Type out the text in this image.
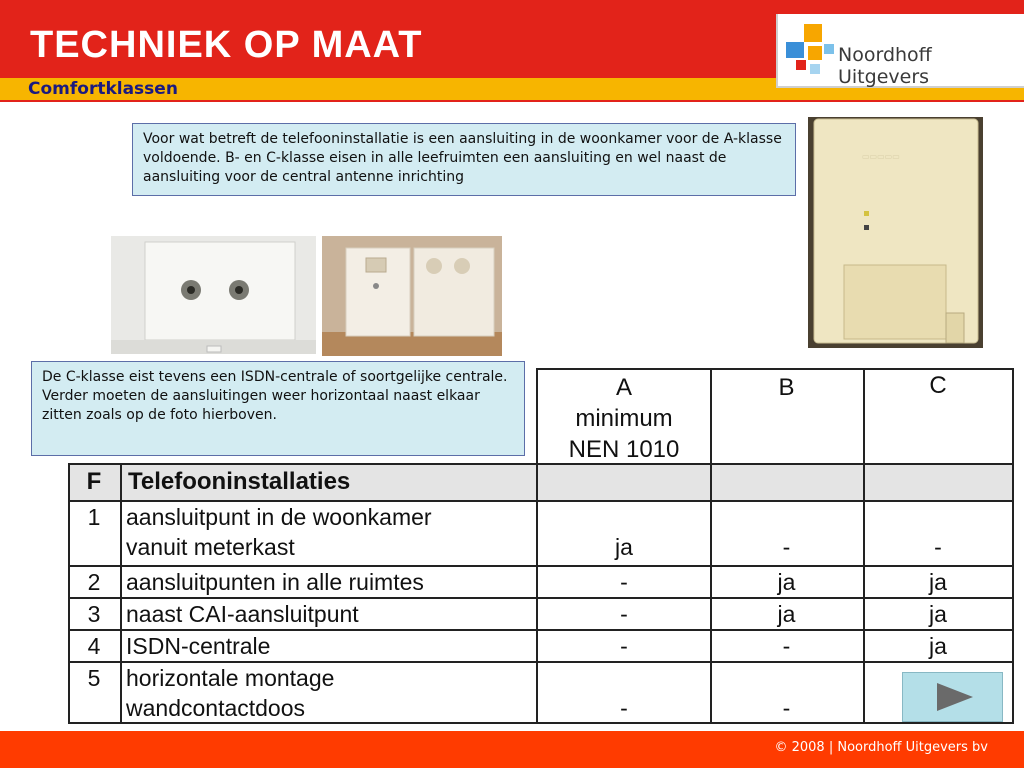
TECHNIEK OP MAAT
Comfortklassen
Noordhoff Uitgevers
Voor wat betreft de telefooninstallatie is een aansluiting in de woonkamer voor de A-klasse voldoende. B- en C-klasse eisen in alle leefruimten een aansluiting en wel naast de aansluiting voor de central antenne inrichting
▭▭▭▭▭
De C-klasse eist tevens een ISDN-centrale of soortgelijke centrale. Verder moeten de aansluitingen weer horizontaal naast elkaar zitten zoals op de foto hierboven.
A
minimum
NEN 1010
B	C
F	Telefooninstallaties
1	aansluitpunt in de woonkamer
vanuit meterkast	ja	-	-
2	aansluitpunten in alle ruimtes	-	ja	ja
3	naast CAI-aansluitpunt	-	ja	ja
4	ISDN-centrale	-	-	ja
5	horizontale montage
wandcontactdoos	-	-
© 2008 | Noordhoff Uitgevers bv
